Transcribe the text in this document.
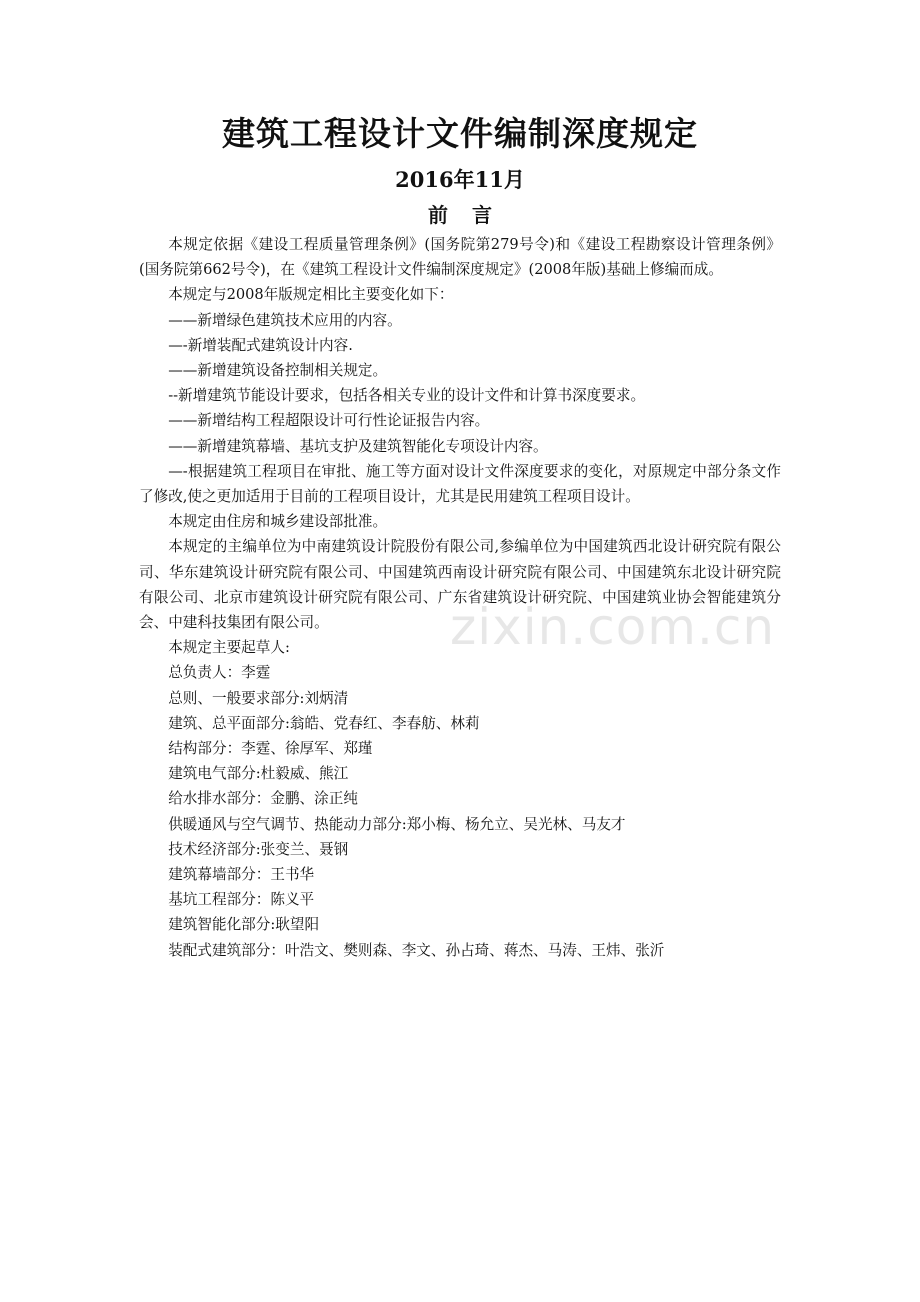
建筑工程设计文件编制深度规定
2016年11月
前言

本规定依据《建设工程质量管理条例》(国务院第279号令)和《建设工程勘察设计管理条例》(国务院第662号令)，在《建筑工程设计文件编制深度规定》(2008年版)基础上修编而成。

本规定与2008年版规定相比主要变化如下：

——新增绿色建筑技术应用的内容。

—-新增装配式建筑设计内容.

——新增建筑设备控制相关规定。

--新增建筑节能设计要求，包括各相关专业的设计文件和计算书深度要求。

——新增结构工程超限设计可行性论证报告内容。

——新增建筑幕墙、基坑支护及建筑智能化专项设计内容。

—-根据建筑工程项目在审批、施工等方面对设计文件深度要求的变化，对原规定中部分条文作了修改,使之更加适用于目前的工程项目设计，尤其是民用建筑工程项目设计。

本规定由住房和城乡建设部批准。

本规定的主编单位为中南建筑设计院股份有限公司,参编单位为中国建筑西北设计研究院有限公司、华东建筑设计研究院有限公司、中国建筑西南设计研究院有限公司、中国建筑东北设计研究院有限公司、北京市建筑设计研究院有限公司、广东省建筑设计研究院、中国建筑业协会智能建筑分会、中建科技集团有限公司。

本规定主要起草人:

总负责人：李霆

总则、一般要求部分:刘炳清

建筑、总平面部分:翁皓、党春红、李春舫、林莉

结构部分：李霆、徐厚军、郑瑾

建筑电气部分:杜毅威、熊江

给水排水部分：金鹏、涂正纯

供暖通风与空气调节、热能动力部分:郑小梅、杨允立、吴光林、马友才

技术经济部分:张变兰、聂钢

建筑幕墙部分：王书华

基坑工程部分：陈义平

建筑智能化部分:耿望阳

装配式建筑部分：叶浩文、樊则森、李文、孙占琦、蒋杰、马涛、王炜、张沂

zixin.com.cn
